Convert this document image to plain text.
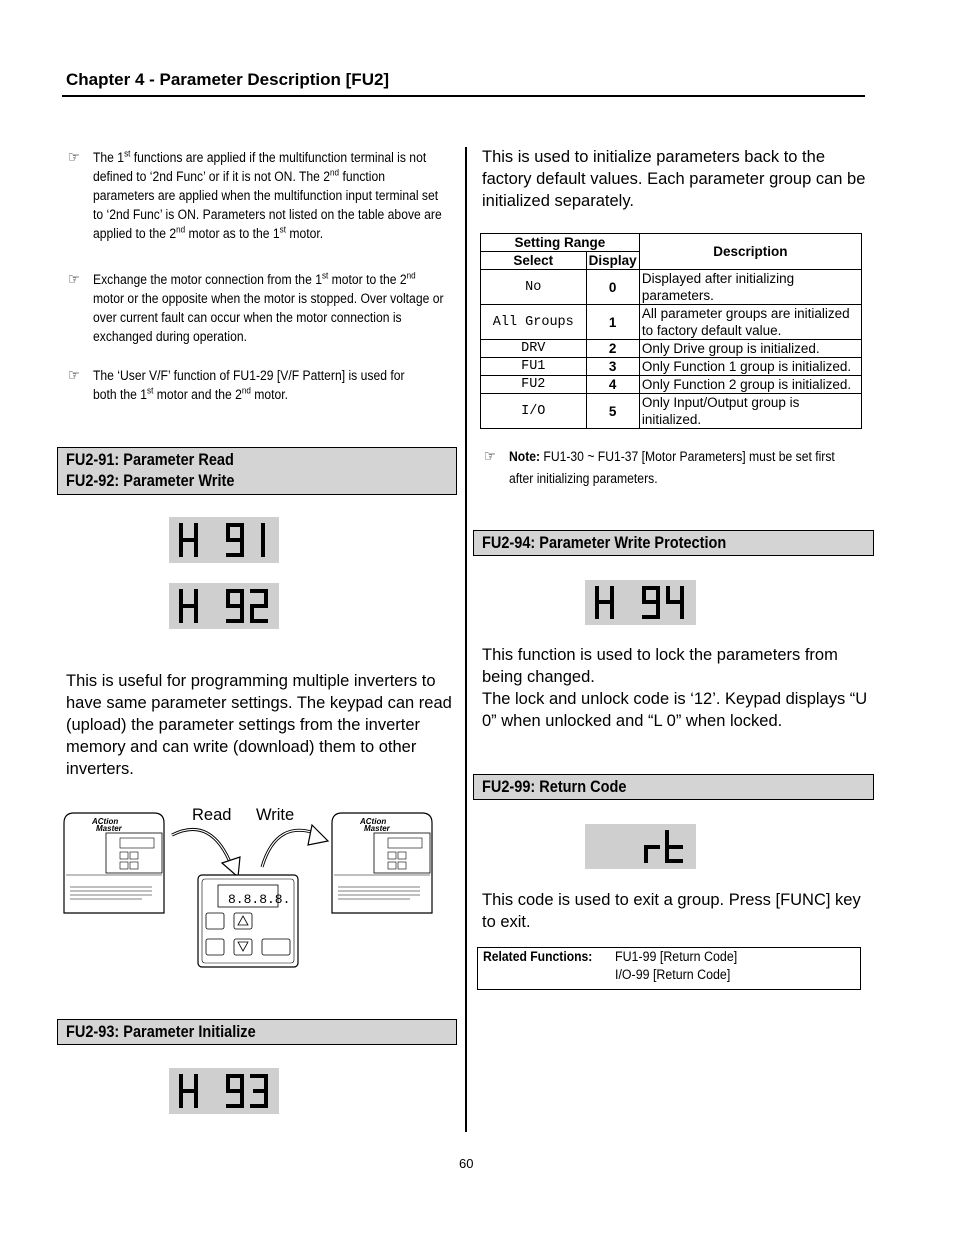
Chapter 4 - Parameter Description [FU2]
☞ The 1st functions are applied if the multifunction terminal is not defined to ‘2nd Func’ or if it is not ON. The 2nd function parameters are applied when the multifunction input terminal set to ‘2nd Func’ is ON. Parameters not listed on the table above are applied to the 2nd motor as to the 1st motor.
☞ Exchange the motor connection from the 1st motor to the 2nd motor or the opposite when the motor is stopped. Over voltage or over current fault can occur when the motor connection is exchanged during operation.
☞ The ‘User V/F’ function of FU1-29 [V/F Pattern] is used for both the 1st motor and the 2nd motor.
FU2-91: Parameter Read
FU2-92: Parameter Write
This is useful for programming multiple inverters to have same parameter settings. The keypad can read (upload) the parameter settings from the inverter memory and can write (download) them to other inverters.
Read Write
ACtion
Master
ACtion
Master
8.8.8.8.
FU2-93: Parameter Initialize
This is used to initialize parameters back to the factory default values. Each parameter group can be initialized separately.
Setting Range		Description
Select	Display	
No	0	Displayed after initializing parameters.
All Groups	1	All parameter groups are initialized to factory default value.
DRV	2	Only Drive group is initialized.
FU1	3	Only Function 1 group is initialized.
FU2	4	Only Function 2 group is initialized.
I/O	5	Only Input/Output group is initialized.
☞ Note: FU1-30 ~ FU1-37 [Motor Parameters] must be set first after initializing parameters.
FU2-94: Parameter Write Protection
This function is used to lock the parameters from being changed.
The lock and unlock code is ‘12’. Keypad displays “U 0” when unlocked and “L 0” when locked.
FU2-99: Return Code
This code is used to exit a group. Press [FUNC] key to exit.
Related Functions: FU1-99 [Return Code]
I/O-99 [Return Code]
60
